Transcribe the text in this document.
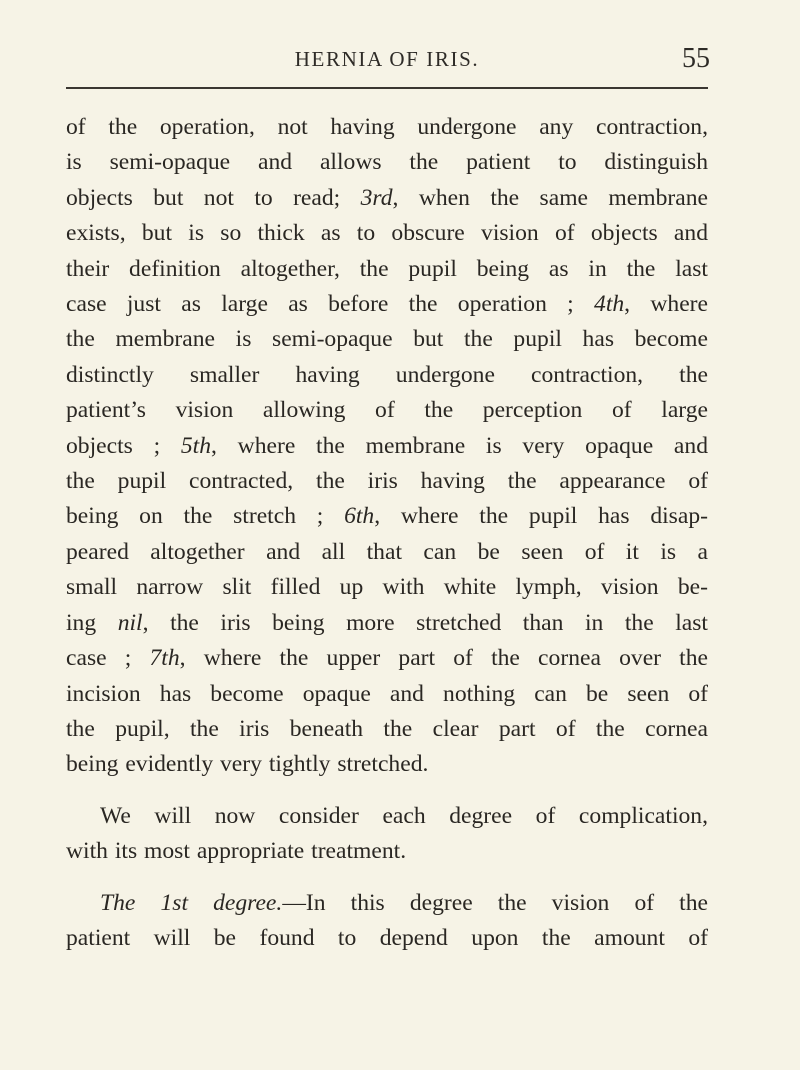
HERNIA OF IRIS.	55
of the operation, not having undergone any contraction,
is semi-opaque and allows the patient to distinguish
objects but not to read; 3rd, when the same membrane
exists, but is so thick as to obscure vision of objects and
their definition altogether, the pupil being as in the last
case just as large as before the operation ; 4th, where
the membrane is semi-opaque but the pupil has become
distinctly smaller having undergone contraction, the
patient’s vision allowing of the perception of large
objects ; 5th, where the membrane is very opaque and
the pupil contracted, the iris having the appearance of
being on the stretch ; 6th, where the pupil has disap-
peared altogether and all that can be seen of it is a
small narrow slit filled up with white lymph, vision be-
ing nil, the iris being more stretched than in the last
case ; 7th, where the upper part of the cornea over the
incision has become opaque and nothing can be seen of
the pupil, the iris beneath the clear part of the cornea
being evidently very tightly stretched.
We will now consider each degree of complication,
with its most appropriate treatment.
The 1st degree.—In this degree the vision of the
patient will be found to depend upon the amount of
